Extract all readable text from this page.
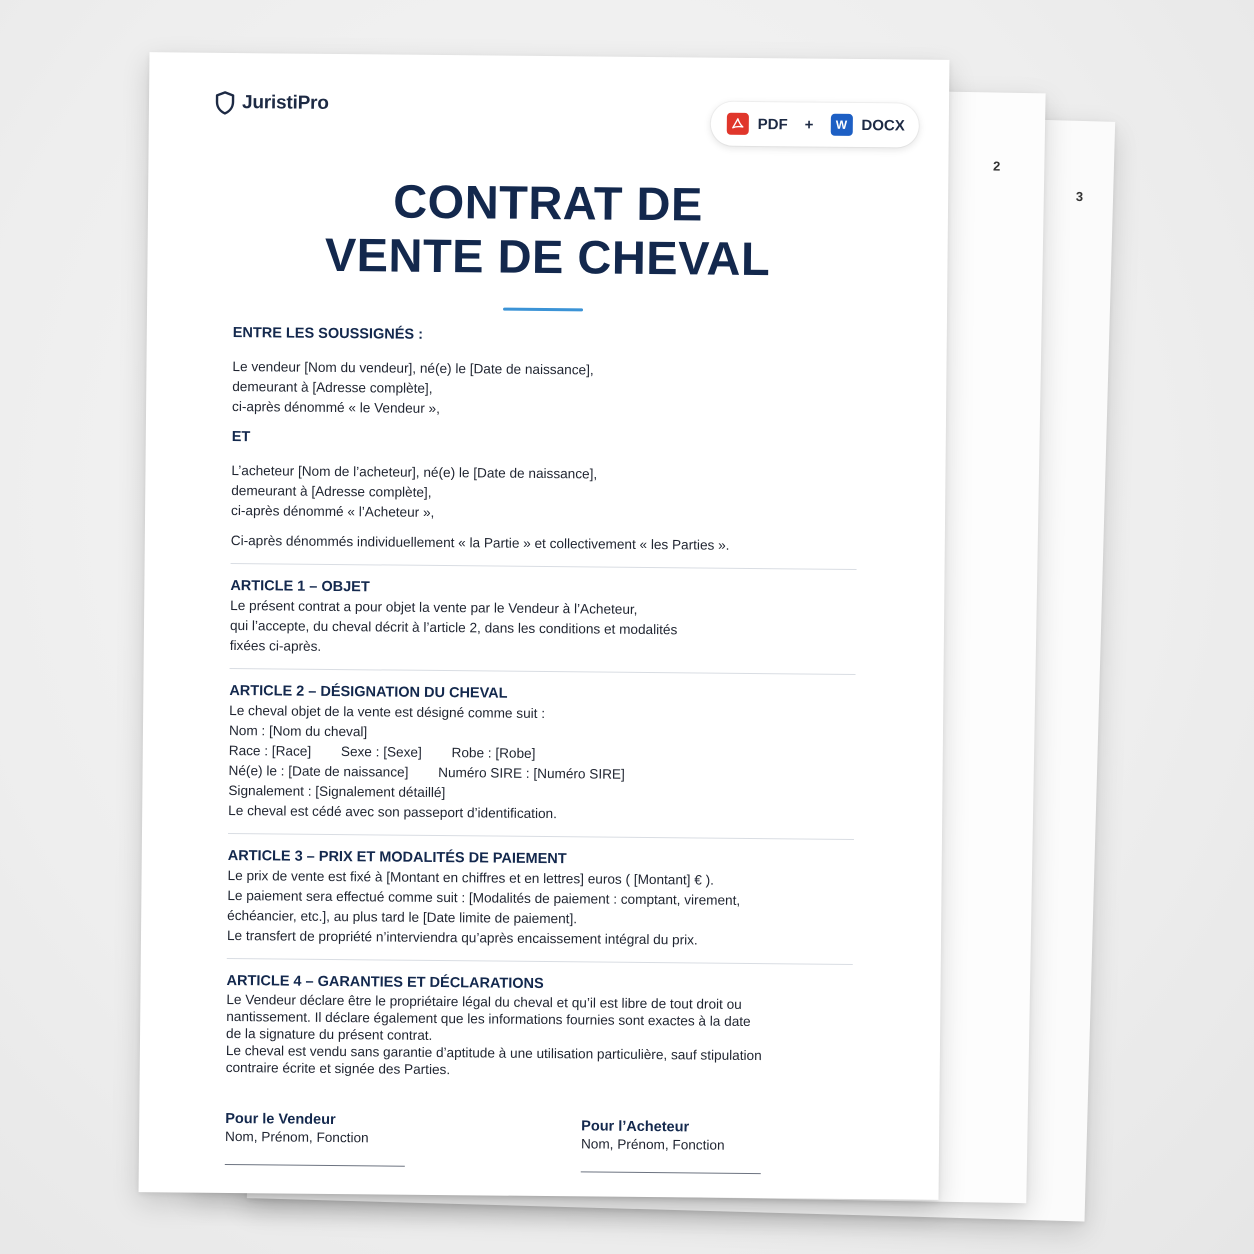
3
2
JuristiPro
PDF +	W DOCX
CONTRAT DE
VENTE DE CHEVAL
ENTRE LES SOUSSIGNÉS :

Le vendeur [Nom du vendeur], né(e) le [Date de naissance],

demeurant à [Adresse complète],

ci-après dénommé « le Vendeur »,

ET

L’acheteur [Nom de l’acheteur], né(e) le [Date de naissance],

demeurant à [Adresse complète],

ci-après dénommé « l’Acheteur »,

Ci-après dénommés individuellement « la Partie » et collectivement « les Parties ».

ARTICLE 1 – OBJET

Le présent contrat a pour objet la vente par le Vendeur à l’Acheteur,

qui l’accepte, du cheval décrit à l’article 2, dans les conditions et modalités

fixées ci-après.

ARTICLE 2 – DÉSIGNATION DU CHEVAL

Le cheval objet de la vente est désigné comme suit :

Nom : [Nom du cheval]

Race : [Race] Sexe : [Sexe] Robe : [Robe]

Né(e) le : [Date de naissance] Numéro SIRE : [Numéro SIRE]

Signalement : [Signalement détaillé]

Le cheval est cédé avec son passeport d’identification.

ARTICLE 3 – PRIX ET MODALITÉS DE PAIEMENT

Le prix de vente est fixé à [Montant en chiffres et en lettres] euros ( [Montant] € ).

Le paiement sera effectué comme suit : [Modalités de paiement : comptant, virement,

échéancier, etc.], au plus tard le [Date limite de paiement].

Le transfert de propriété n’interviendra qu’après encaissement intégral du prix.

ARTICLE 4 – GARANTIES ET DÉCLARATIONS

Le Vendeur déclare être le propriétaire légal du cheval et qu’il est libre de tout droit ou

nantissement. Il déclare également que les informations fournies sont exactes à la date

de la signature du présent contrat.

Le cheval est vendu sans garantie d’aptitude à une utilisation particulière, sauf stipulation

contraire écrite et signée des Parties.

Pour le Vendeur
Nom, Prénom, Fonction
Pour l’Acheteur
Nom, Prénom, Fonction
